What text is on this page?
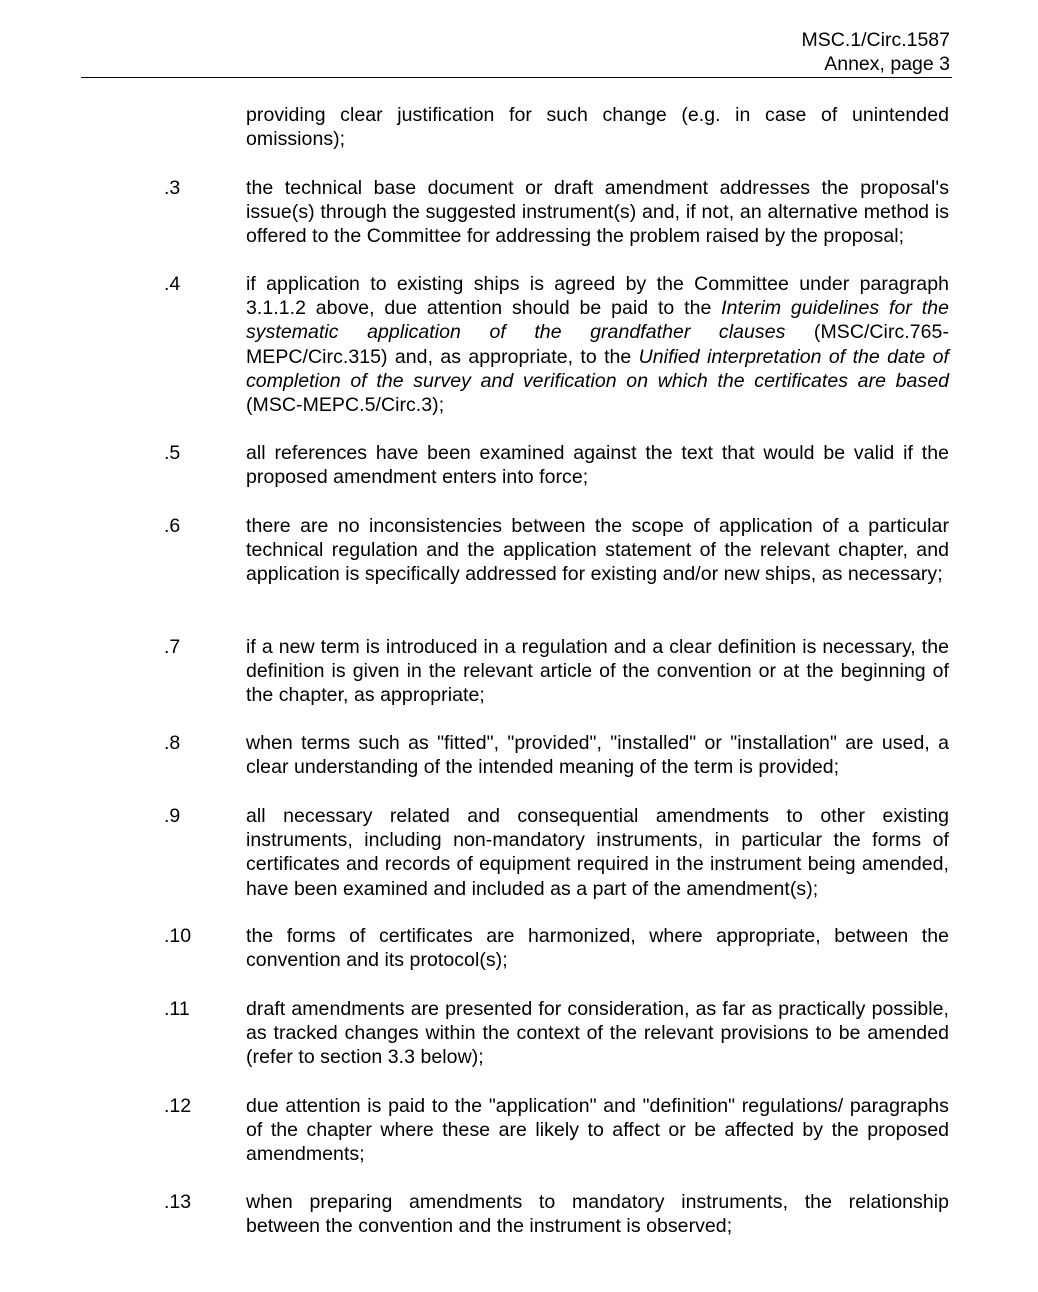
MSC.1/Circ.1587
Annex, page 3
providing clear justification for such change (e.g. in case of unintended omissions);
.3	the technical base document or draft amendment addresses the proposal's issue(s) through the suggested instrument(s) and, if not, an alternative method is offered to the Committee for addressing the problem raised by the proposal;
.4	if application to existing ships is agreed by the Committee under paragraph 3.1.1.2 above, due attention should be paid to the Interim guidelines for the systematic application of the grandfather clauses (MSC/Circ.765-MEPC/Circ.315) and, as appropriate, to the Unified interpretation of the date of completion of the survey and verification on which the certificates are based (MSC-MEPC.5/Circ.3);
.5	all references have been examined against the text that would be valid if the proposed amendment enters into force;
.6	there are no inconsistencies between the scope of application of a particular technical regulation and the application statement of the relevant chapter, and application is specifically addressed for existing and/or new ships, as necessary;
.7	if a new term is introduced in a regulation and a clear definition is necessary, the definition is given in the relevant article of the convention or at the beginning of the chapter, as appropriate;
.8	when terms such as "fitted", "provided", "installed" or "installation" are used, a clear understanding of the intended meaning of the term is provided;
.9	all necessary related and consequential amendments to other existing instruments, including non-mandatory instruments, in particular the forms of certificates and records of equipment required in the instrument being amended, have been examined and included as a part of the amendment(s);
.10	the forms of certificates are harmonized, where appropriate, between the convention and its protocol(s);
.11	draft amendments are presented for consideration, as far as practically possible, as tracked changes within the context of the relevant provisions to be amended (refer to section 3.3 below);
.12	due attention is paid to the "application" and "definition" regulations/ paragraphs of the chapter where these are likely to affect or be affected by the proposed amendments;
.13	when preparing amendments to mandatory instruments, the relationship between the convention and the instrument is observed;
